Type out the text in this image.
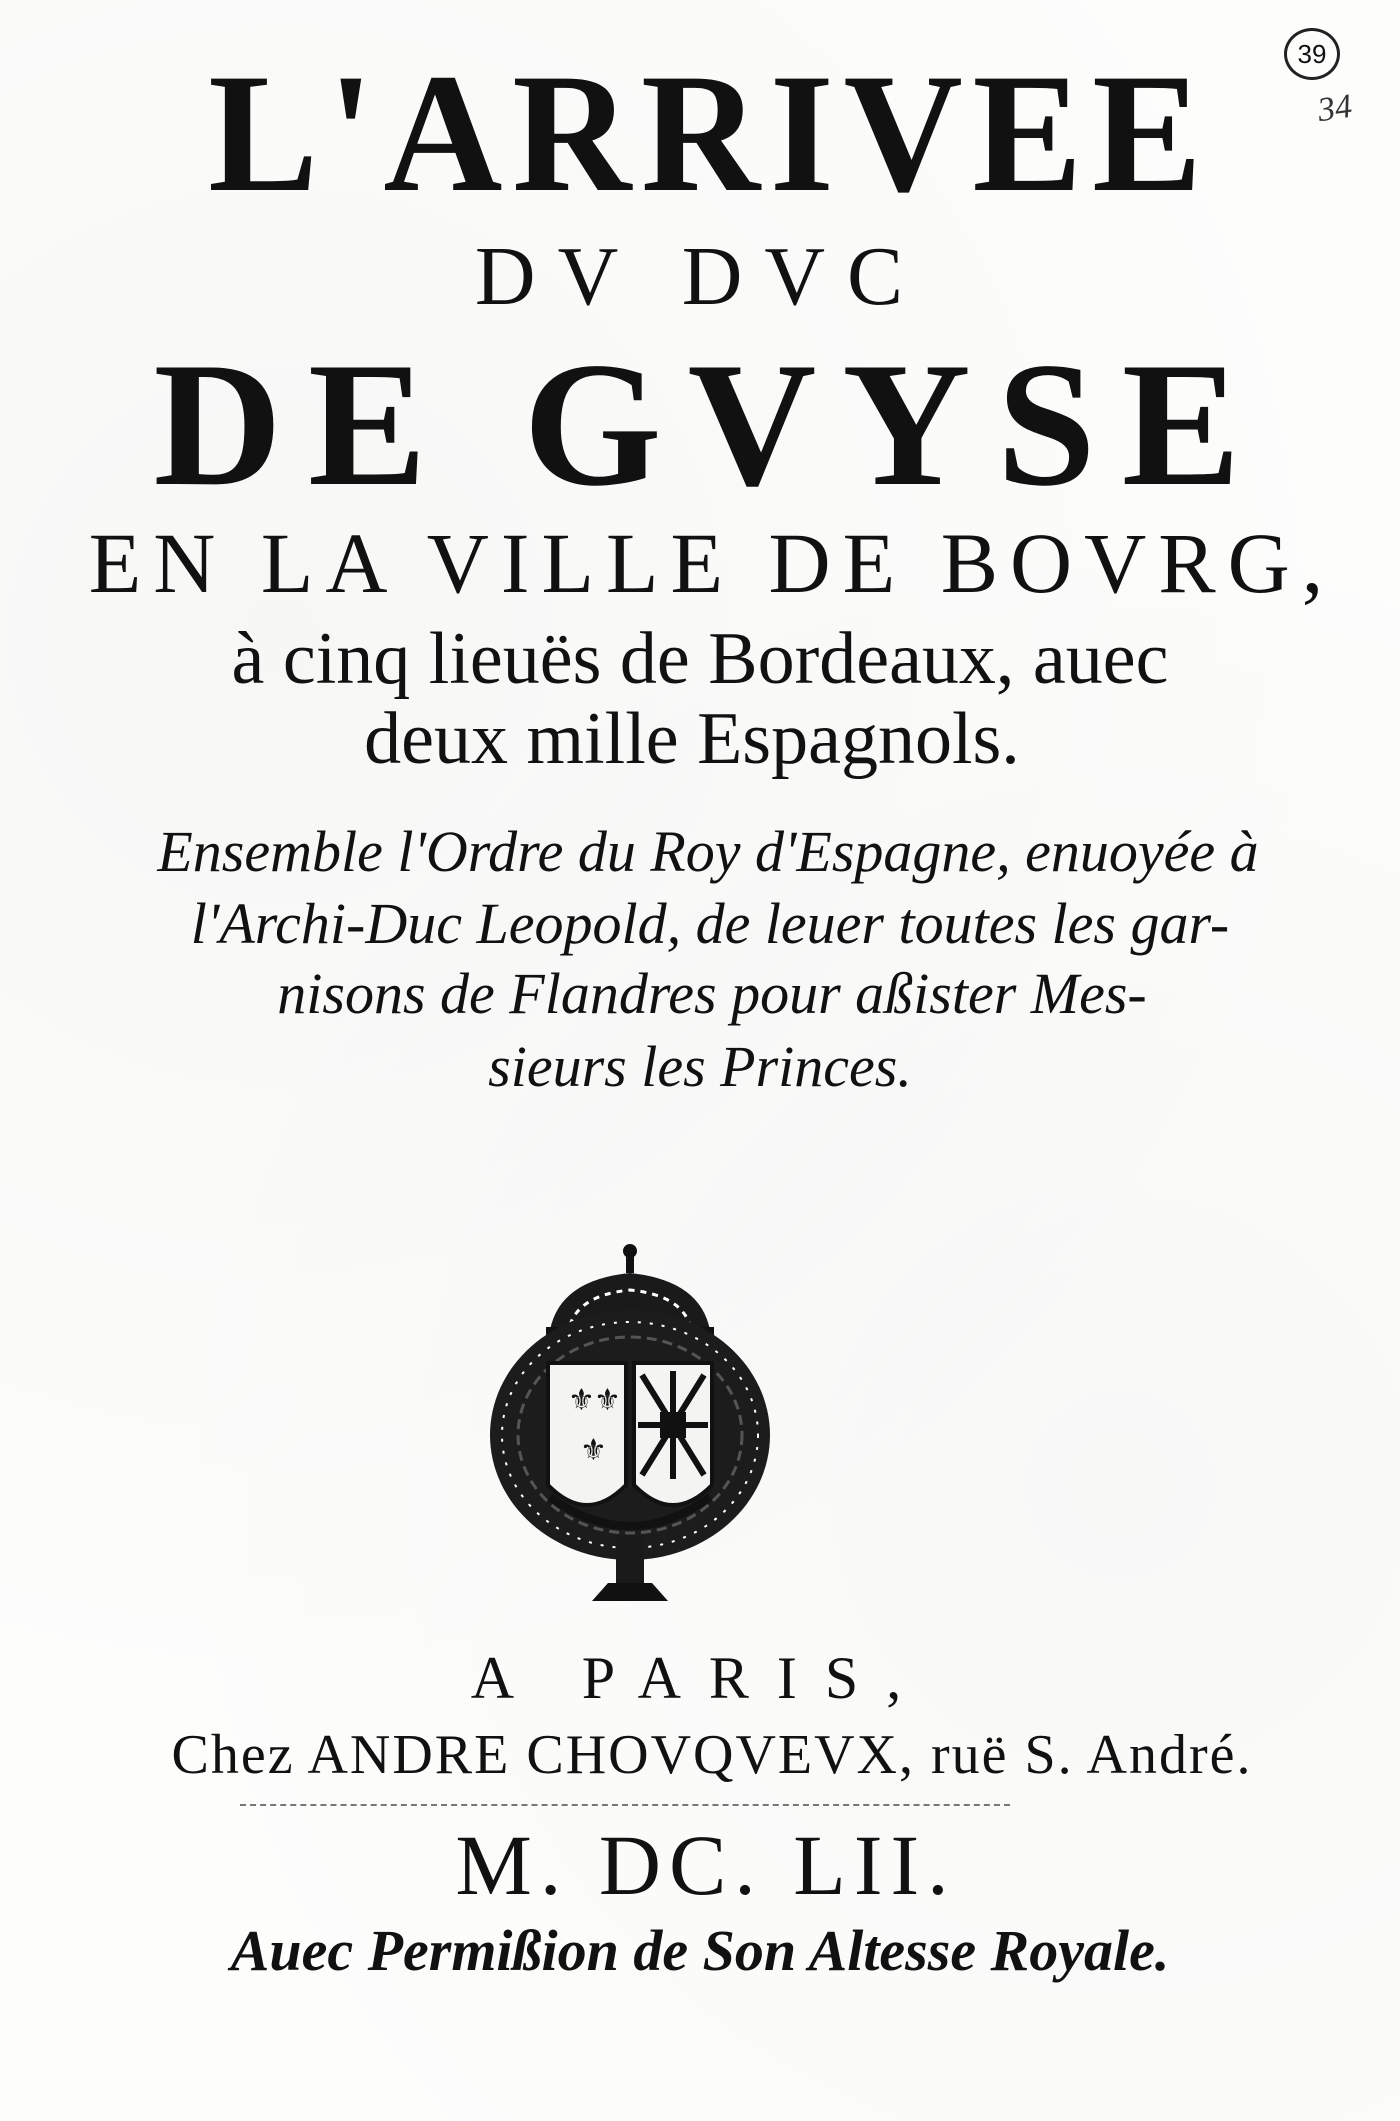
39
34
L'ARRIVEE
DV DVC
DE GVYSE
EN LA VILLE DE BOVRG,
à cinq lieuës de Bordeaux, auec
deux mille Espagnols.
Ensemble l'Ordre du Roy d'Espagne, enuoyée à
l'Archi-Duc Leopold, de leuer toutes les gar-
nisons de Flandres pour aßister Mes-
sieurs les Princes.
⚜ ⚜
⚜
A PARIS,
Chez ANDRE CHOVQVEVX, ruë S. André.
M. DC. LII.
Auec Permißion de Son Altesse Royale.
